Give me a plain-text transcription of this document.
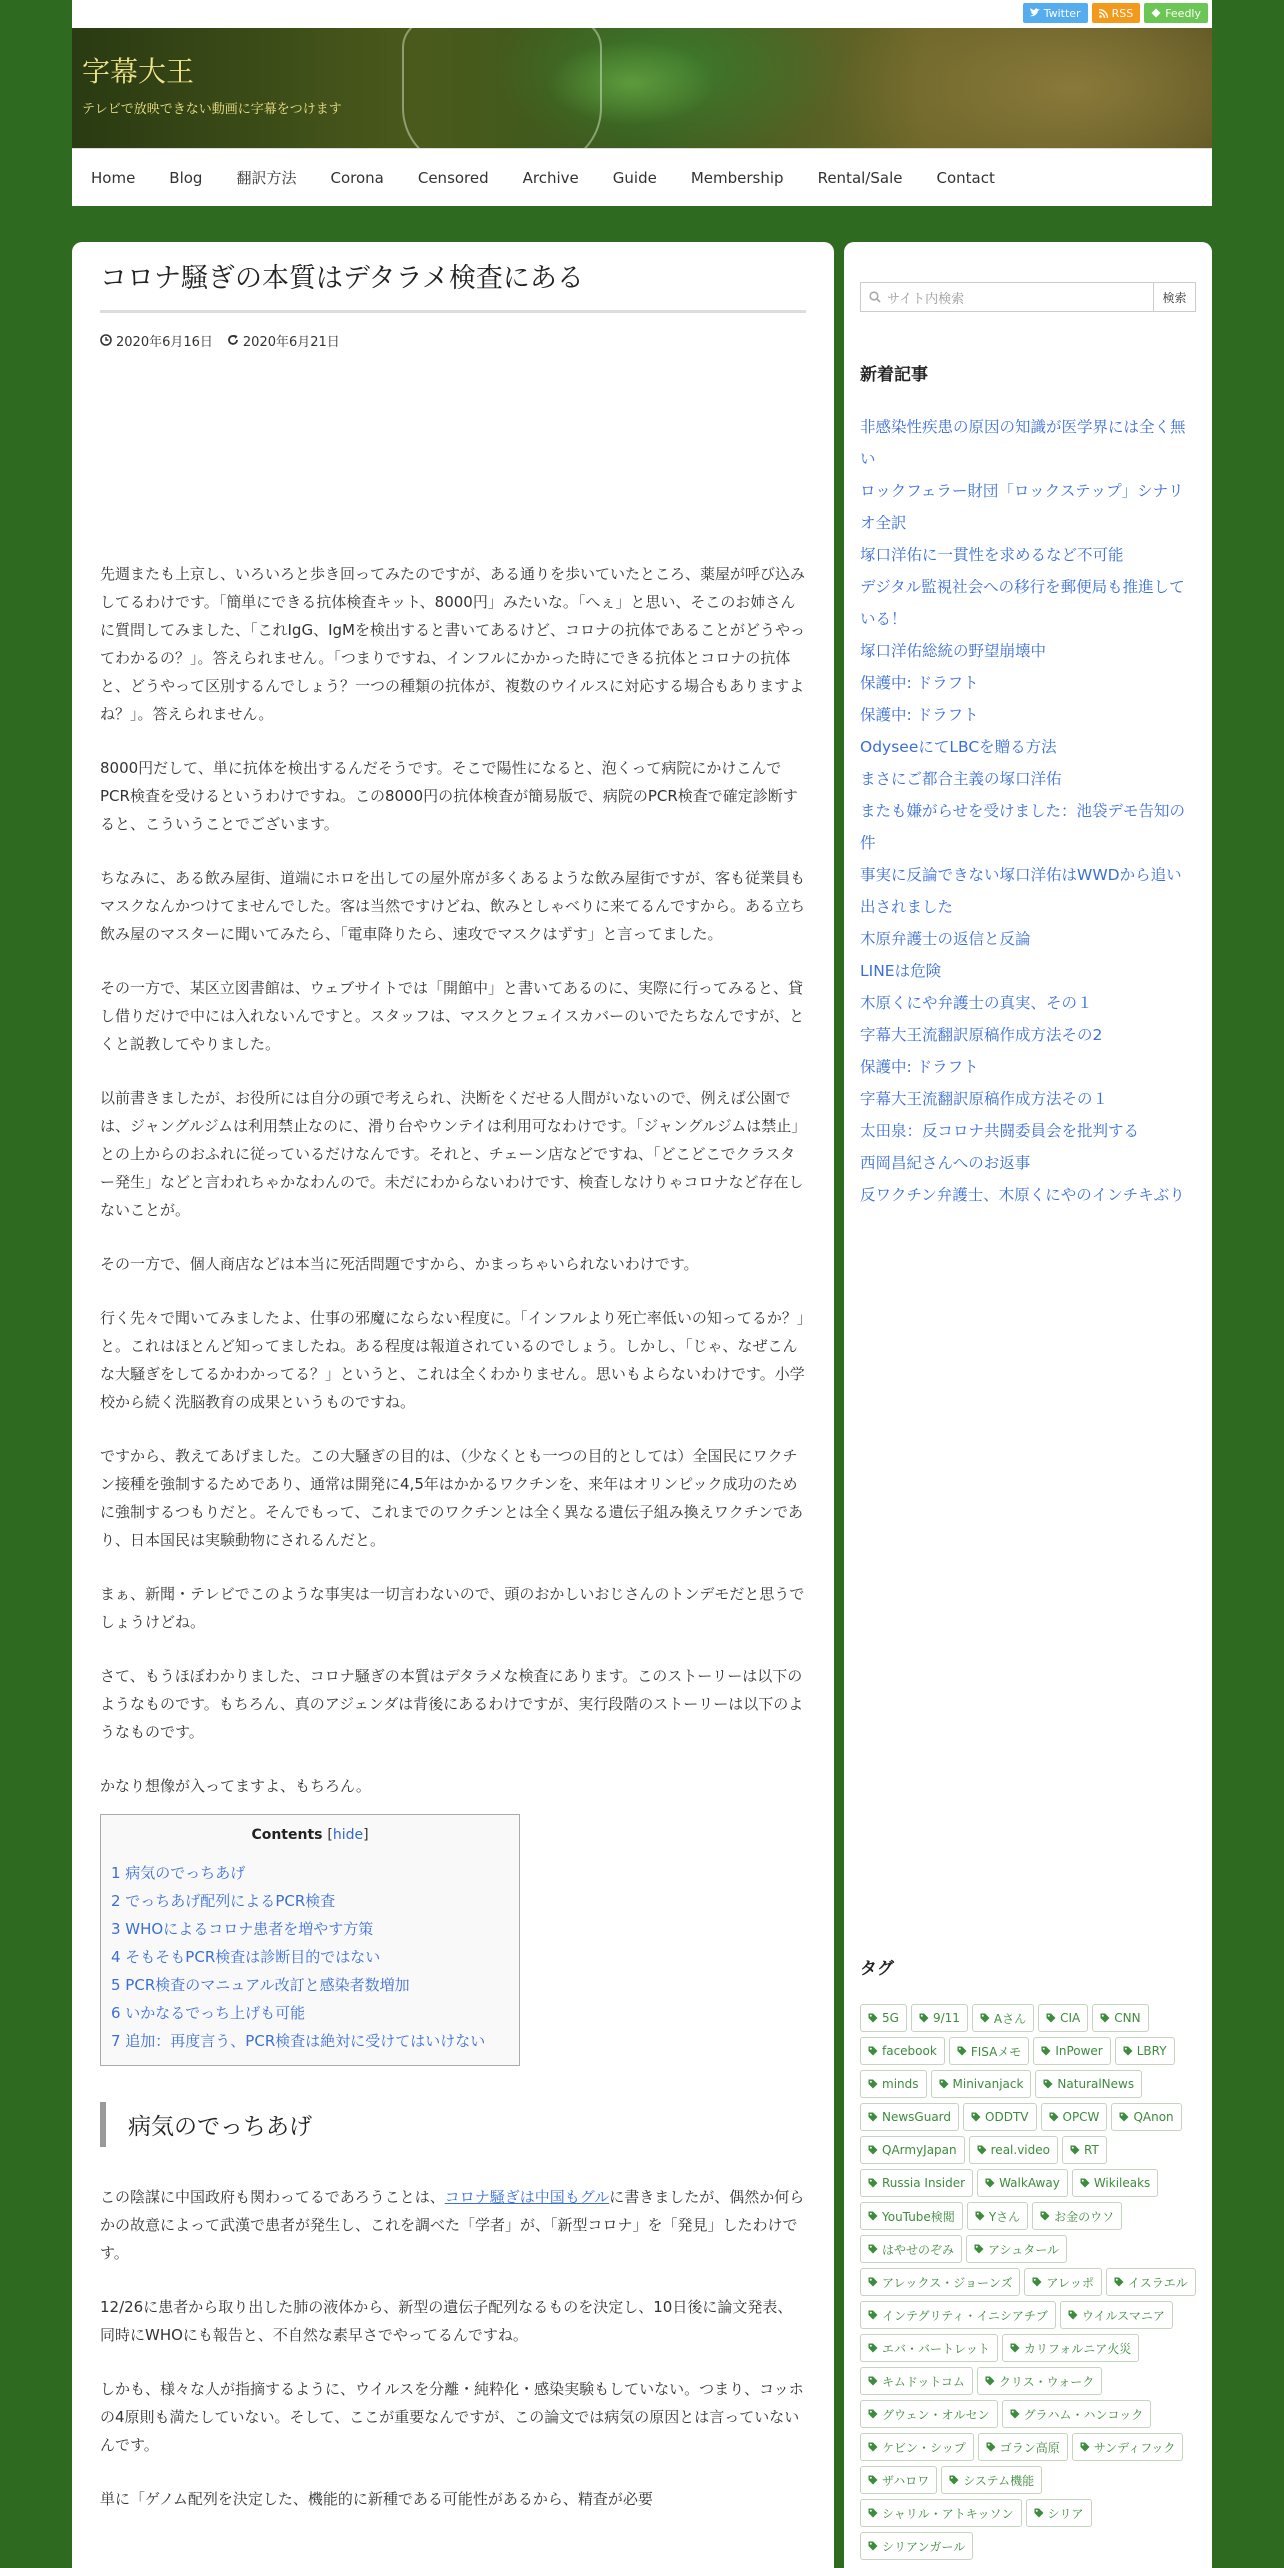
Twitter	RSS	Feedly
字幕大王
テレビで放映できない動画に字幕をつけます
Home	Blog	翻訳方法	Corona	Censored	Archive	Guide	Membership	Rental/Sale	Contact
コロナ騒ぎの本質はデタラメ検査にある
2020年6月16日 2020年6月21日

先週またも上京し、いろいろと歩き回ってみたのですが、ある通りを歩いていたところ、薬屋が呼び込みしてるわけです。「簡単にできる抗体検査キット、8000円」みたいな。「へぇ」と思い、そこのお姉さんに質問してみました、「これIgG、IgMを検出すると書いてあるけど、コロナの抗体であることがどうやってわかるの？」。答えられません。「つまりですね、インフルにかかった時にできる抗体とコロナの抗体と、どうやって区別するんでしょう？一つの種類の抗体が、複数のウイルスに対応する場合もありますよね？」。答えられません。

8000円だして、単に抗体を検出するんだそうです。そこで陽性になると、泡くって病院にかけこんでPCR検査を受けるというわけですね。この8000円の抗体検査が簡易版で、病院のPCR検査で確定診断すると、こういうことでございます。

ちなみに、ある飲み屋街、道端にホロを出しての屋外席が多くあるような飲み屋街ですが、客も従業員もマスクなんかつけてませんでした。客は当然ですけどね、飲みとしゃべりに来てるんですから。ある立ち飲み屋のマスターに聞いてみたら、「電車降りたら、速攻でマスクはずす」と言ってました。

その一方で、某区立図書館は、ウェブサイトでは「開館中」と書いてあるのに、実際に行ってみると、貸し借りだけで中には入れないんですと。スタッフは、マスクとフェイスカバーのいでたちなんですが、とくと説教してやりました。

以前書きましたが、お役所には自分の頭で考えられ、決断をくだせる人間がいないので、例えば公園では、ジャングルジムは利用禁止なのに、滑り台やウンテイは利用可なわけです。「ジャングルジムは禁止」との上からのおふれに従っているだけなんです。それと、チェーン店などですね、「どこどこでクラスター発生」などと言われちゃかなわんので。未だにわからないわけです、検査しなけりゃコロナなど存在しないことが。

その一方で、個人商店などは本当に死活問題ですから、かまっちゃいられないわけです。

行く先々で聞いてみましたよ、仕事の邪魔にならない程度に。「インフルより死亡率低いの知ってるか？」と。これはほとんど知ってましたね。ある程度は報道されているのでしょう。しかし、「じゃ、なぜこんな大騒ぎをしてるかわかってる？」というと、これは全くわかりません。思いもよらないわけです。小学校から続く洗脳教育の成果というものですね。

ですから、教えてあげました。この大騒ぎの目的は、（少なくとも一つの目的としては）全国民にワクチン接種を強制するためであり、通常は開発に4,5年はかかるワクチンを、来年はオリンピック成功のために強制するつもりだと。そんでもって、これまでのワクチンとは全く異なる遺伝子組み換えワクチンであり、日本国民は実験動物にされるんだと。

まぁ、新聞・テレビでこのような事実は一切言わないので、頭のおかしいおじさんのトンデモだと思うでしょうけどね。

さて、もうほぼわかりました、コロナ騒ぎの本質はデタラメな検査にあります。このストーリーは以下のようなものです。もちろん、真のアジェンダは背後にあるわけですが、実行段階のストーリーは以下のようなものです。

かなり想像が入ってますよ、もちろん。

Contents [hide]
1 病気のでっちあげ
2 でっちあげ配列によるPCR検査
3 WHOによるコロナ患者を増やす方策
4 そもそもPCR検査は診断目的ではない
5 PCR検査のマニュアル改訂と感染者数増加
6 いかなるでっち上げも可能
7 追加：再度言う、PCR検査は絶対に受けてはいけない
病気のでっちあげ

この陰謀に中国政府も関わってるであろうことは、コロナ騒ぎは中国もグルに書きましたが、偶然か何らかの故意によって武漢で患者が発生し、これを調べた「学者」が、「新型コロナ」を「発見」したわけです。

12/26に患者から取り出した肺の液体から、新型の遺伝子配列なるものを決定し、10日後に論文発表、同時にWHOにも報告と、不自然な素早さでやってるんですね。

しかも、様々な人が指摘するように、ウイルスを分離・純粋化・感染実験もしていない。つまり、コッホの4原則も満たしていない。そして、ここが重要なんですが、この論文では病気の原因とは言っていないんです。

単に「ゲノム配列を決定した、機能的に新種である可能性があるから、精査が必要

サイト内検索	検索
新着記事
非感染性疾患の原因の知識が医学界には全く無い
ロックフェラー財団「ロックステップ」シナリオ全訳
塚口洋佑に一貫性を求めるなど不可能
デジタル監視社会への移行を郵便局も推進している！
塚口洋佑総統の野望崩壊中
保護中: ドラフト
保護中: ドラフト
OdyseeにてLBCを贈る方法
まさにご都合主義の塚口洋佑
またも嫌がらせを受けました：池袋デモ告知の件
事実に反論できない塚口洋佑はWWDから追い出されました
木原弁護士の返信と反論
LINEは危険
木原くにや弁護士の真実、その１
字幕大王流翻訳原稿作成方法その2
保護中: ドラフト
字幕大王流翻訳原稿作成方法その１
太田泉：反コロナ共闘委員会を批判する
西岡昌紀さんへのお返事
反ワクチン弁護士、木原くにやのインチキぶり
タグ
5G	9/11	Aさん	CIA	CNN
facebook	FISAメモ	InPower	LBRY
minds	Minivanjack	NaturalNews
NewsGuard	ODDTV	OPCW	QAnon
QArmyJapan	real.video	RT
Russia Insider	WalkAway	Wikileaks
YouTube検閲	Yさん	お金のウソ
はやせのぞみ	アシュタール
アレックス・ジョーンズ	アレッポ	イスラエル
インテグリティ・イニシアチブ	ウイルスマニア
エバ・バートレット	カリフォルニア火災
キムドットコム	クリス・ウォーク
グウェン・オルセン	グラハム・ハンコック
ケビン・シップ	ゴラン高原	サンディフック
ザハロワ	システム機能
シャリル・アトキッソン	シリア
シリアンガール
